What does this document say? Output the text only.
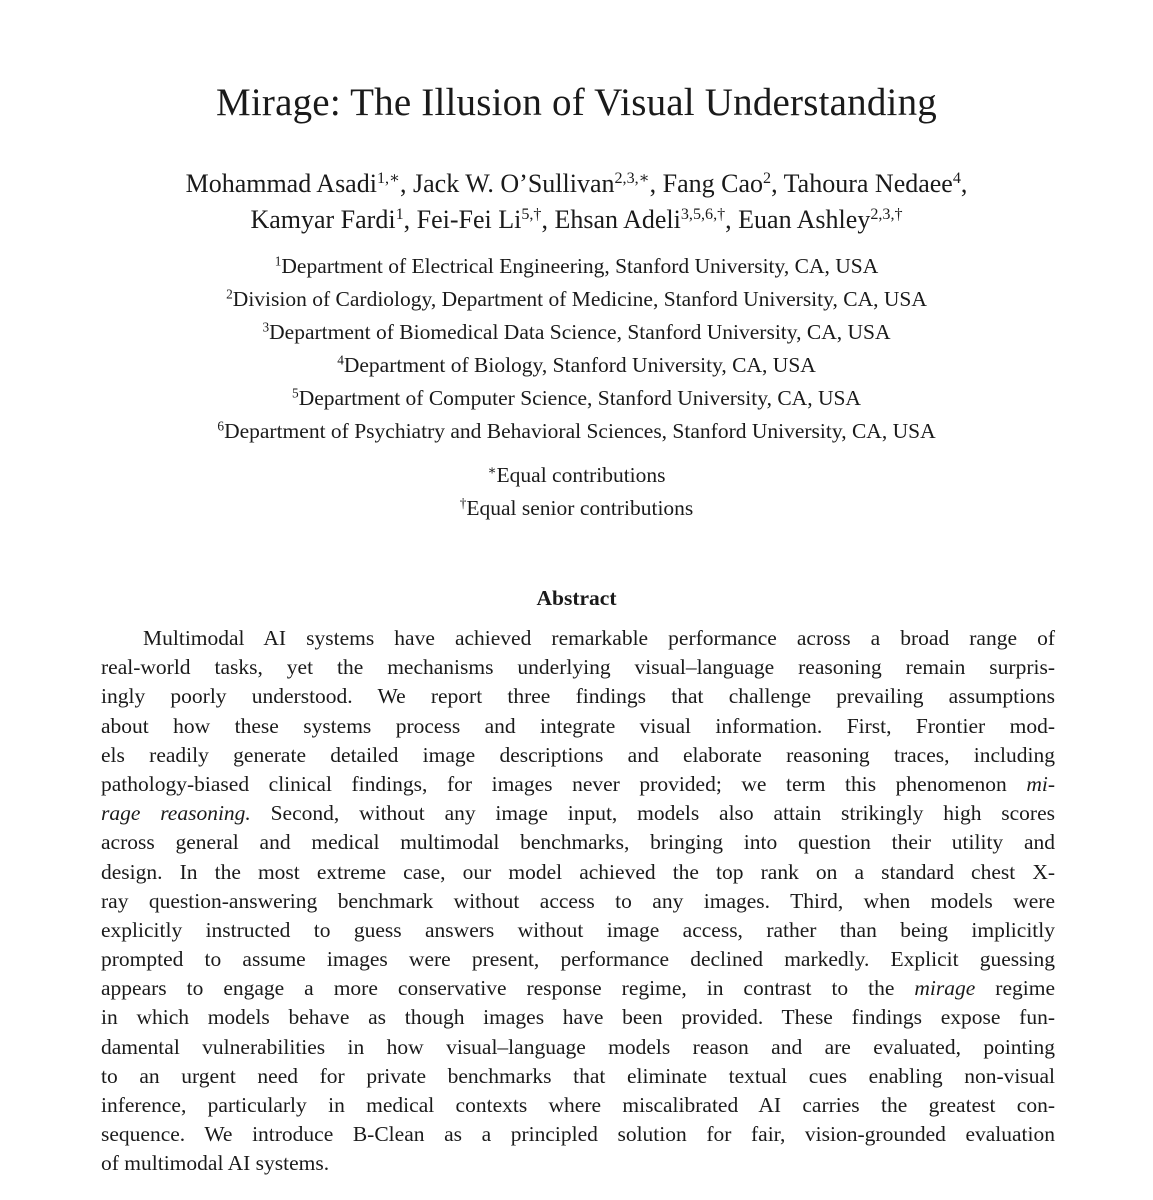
Mirage: The Illusion of Visual Understanding
Mohammad Asadi$^{1,∗}$, Jack W. O’Sullivan$^{2,3,∗}$, Fang Cao$^2$, Tahoura Nedaee$^4$,
Kamyar Fardi$^1$, Fei-Fei $Li^{5,\dagger}$, Ehsan Adeli$^{3,5,6,\dagger}$, Euan Ashley$^{2,3,\dagger}$
$^1$Department of Electrical Engineering, Stanford University, CA, USA
$^2$Division of Cardiology, Department of Medicine, Stanford University, CA, USA
$^3$Department of Biomedical Data Science, Stanford University, CA, USA
$^4$Department of Biology, Stanford University, CA, USA
$^5$Department of Computer Science, Stanford University, CA, USA
$^6$Department of Psychiatry and Behavioral Sciences, Stanford University, CA, USA
∗Equal contributions
†Equal senior contributions
Abstract
Multimodal AI systems have achieved remarkable performance across a broad range of
real-world tasks, yet the mechanisms underlying visual–language reasoning remain surpris-
ingly poorly understood. We report three findings that challenge prevailing assumptions
about how these systems process and integrate visual information. First, Frontier mod-
els readily generate detailed image descriptions and elaborate reasoning traces, including
pathology-biased clinical findings, for images never provided; we term this phenomenon mi-
rage reasoning. Second, without any image input, models also attain strikingly high scores
across general and medical multimodal benchmarks, bringing into question their utility and
design. In the most extreme case, our model achieved the top rank on a standard chest X-
ray question-answering benchmark without access to any images. Third, when models were
explicitly instructed to guess answers without image access, rather than being implicitly
prompted to assume images were present, performance declined markedly. Explicit guessing
appears to engage a more conservative response regime, in contrast to the mirage regime
in which models behave as though images have been provided. These findings expose fun-
damental vulnerabilities in how visual–language models reason and are evaluated, pointing
to an urgent need for private benchmarks that eliminate textual cues enabling non-visual
inference, particularly in medical contexts where miscalibrated AI carries the greatest con-
sequence. We introduce B-Clean as a principled solution for fair, vision-grounded evaluation
of multimodal AI systems.
